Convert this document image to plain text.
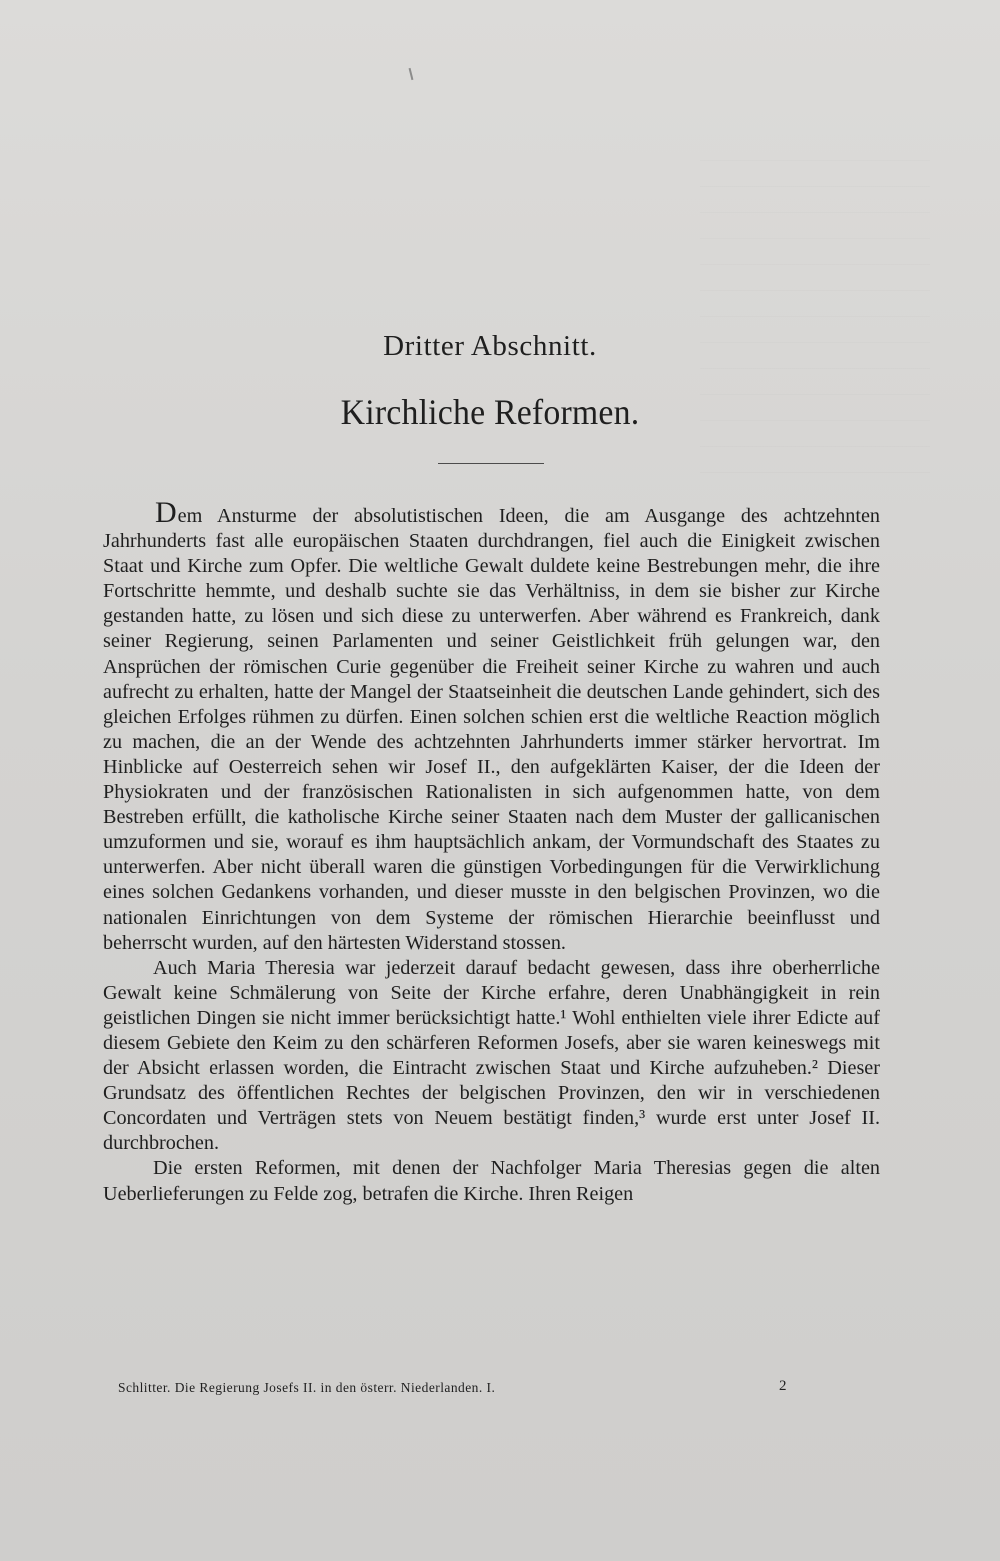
Dritter Abschnitt.
Kirchliche Reformen.

Dem Ansturme der absolutistischen Ideen, die am Ausgange des achtzehnten Jahrhunderts fast alle europäischen Staaten durchdrangen, fiel auch die Einigkeit zwischen Staat und Kirche zum Opfer. Die weltliche Gewalt duldete keine Bestrebungen mehr, die ihre Fortschritte hemmte, und deshalb suchte sie das Verhältniss, in dem sie bisher zur Kirche gestanden hatte, zu lösen und sich diese zu unterwerfen. Aber während es Frankreich, dank seiner Regierung, seinen Parlamenten und seiner Geistlichkeit früh gelungen war, den Ansprüchen der römischen Curie gegenüber die Freiheit seiner Kirche zu wahren und auch aufrecht zu erhalten, hatte der Mangel der Staatseinheit die deutschen Lande gehindert, sich des gleichen Erfolges rühmen zu dürfen. Einen solchen schien erst die weltliche Reaction möglich zu machen, die an der Wende des achtzehnten Jahrhunderts immer stärker hervortrat. Im Hinblicke auf Oesterreich sehen wir Josef II., den aufgeklärten Kaiser, der die Ideen der Physiokraten und der französischen Rationalisten in sich aufgenommen hatte, von dem Bestreben erfüllt, die katholische Kirche seiner Staaten nach dem Muster der gallicanischen umzuformen und sie, worauf es ihm hauptsächlich ankam, der Vormundschaft des Staates zu unterwerfen. Aber nicht überall waren die günstigen Vorbedingungen für die Verwirklichung eines solchen Gedankens vorhanden, und dieser musste in den belgischen Provinzen, wo die nationalen Einrichtungen von dem Systeme der römischen Hierarchie beeinflusst und beherrscht wurden, auf den härtesten Widerstand stossen.

Auch Maria Theresia war jederzeit darauf bedacht gewesen, dass ihre oberherrliche Gewalt keine Schmälerung von Seite der Kirche erfahre, deren Unabhängigkeit in rein geistlichen Dingen sie nicht immer berücksichtigt hatte.¹ Wohl enthielten viele ihrer Edicte auf diesem Gebiete den Keim zu den schärferen Reformen Josefs, aber sie waren keineswegs mit der Absicht erlassen worden, die Eintracht zwischen Staat und Kirche aufzuheben.² Dieser Grundsatz des öffentlichen Rechtes der belgischen Provinzen, den wir in verschiedenen Concordaten und Verträgen stets von Neuem bestätigt finden,³ wurde erst unter Josef II. durchbrochen.

Die ersten Reformen, mit denen der Nachfolger Maria Theresias gegen die alten Ueberlieferungen zu Felde zog, betrafen die Kirche. Ihren Reigen

Schlitter. Die Regierung Josefs II. in den österr. Niederlanden. I.	2
